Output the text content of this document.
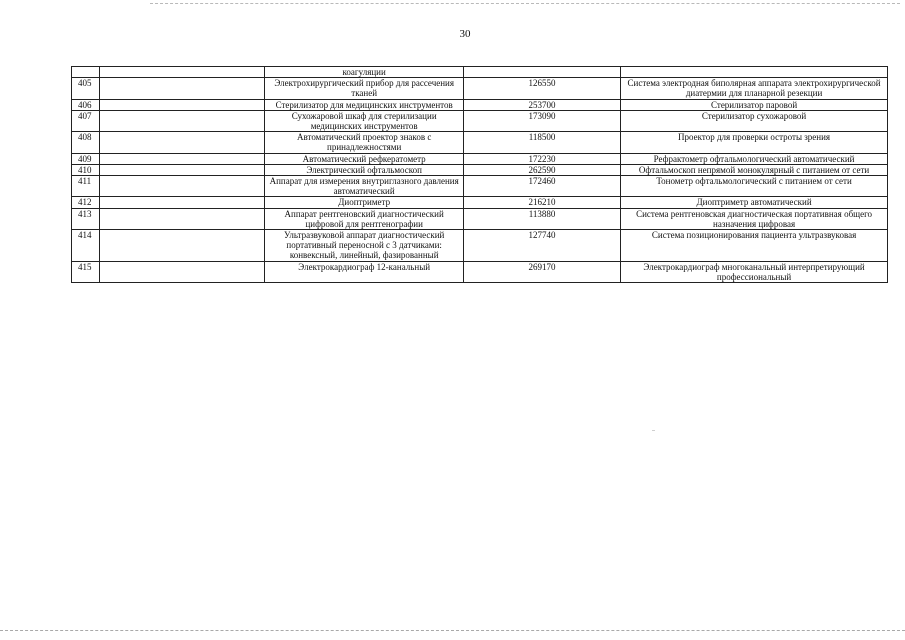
30
		коагуляции		
405		Электрохирургический прибор для рассечения тканей	126550	Система электродная биполярная аппарата электрохирургической диатермии для планарной резекции
406		Стерилизатор для медицинских инструментов	253700	Стерилизатор паровой
407		Сухожаровой шкаф для стерилизации медицинских инструментов	173090	Стерилизатор сухожаровой
408		Автоматический проектор знаков с принадлежностями	118500	Проектор для проверки остроты зрения
409		Автоматический рефкератометр	172230	Рефрактометр офтальмологический автоматический
410		Электрический офтальмоскоп	262590	Офтальмоскоп непрямой монокулярный с питанием от сети
411		Аппарат для измерения внутриглазного давления автоматический	172460	Тонометр офтальмологический с питанием от сети
412		Диоптриметр	216210	Диоптриметр автоматический
413		Аппарат рентгеновский диагностический цифровой для рентгенографии	113880	Система рентгеновская диагностическая портативная общего назначения цифровая
414		Ультразвуковой аппарат диагностический портативный переносной с 3 датчиками: конвексный, линейный, фазированный	127740	Система позиционирования пациента ультразвуковая
415		Электрокардиограф 12-канальный	269170	Электрокардиограф многоканальный интерпретирующий профессиональный
